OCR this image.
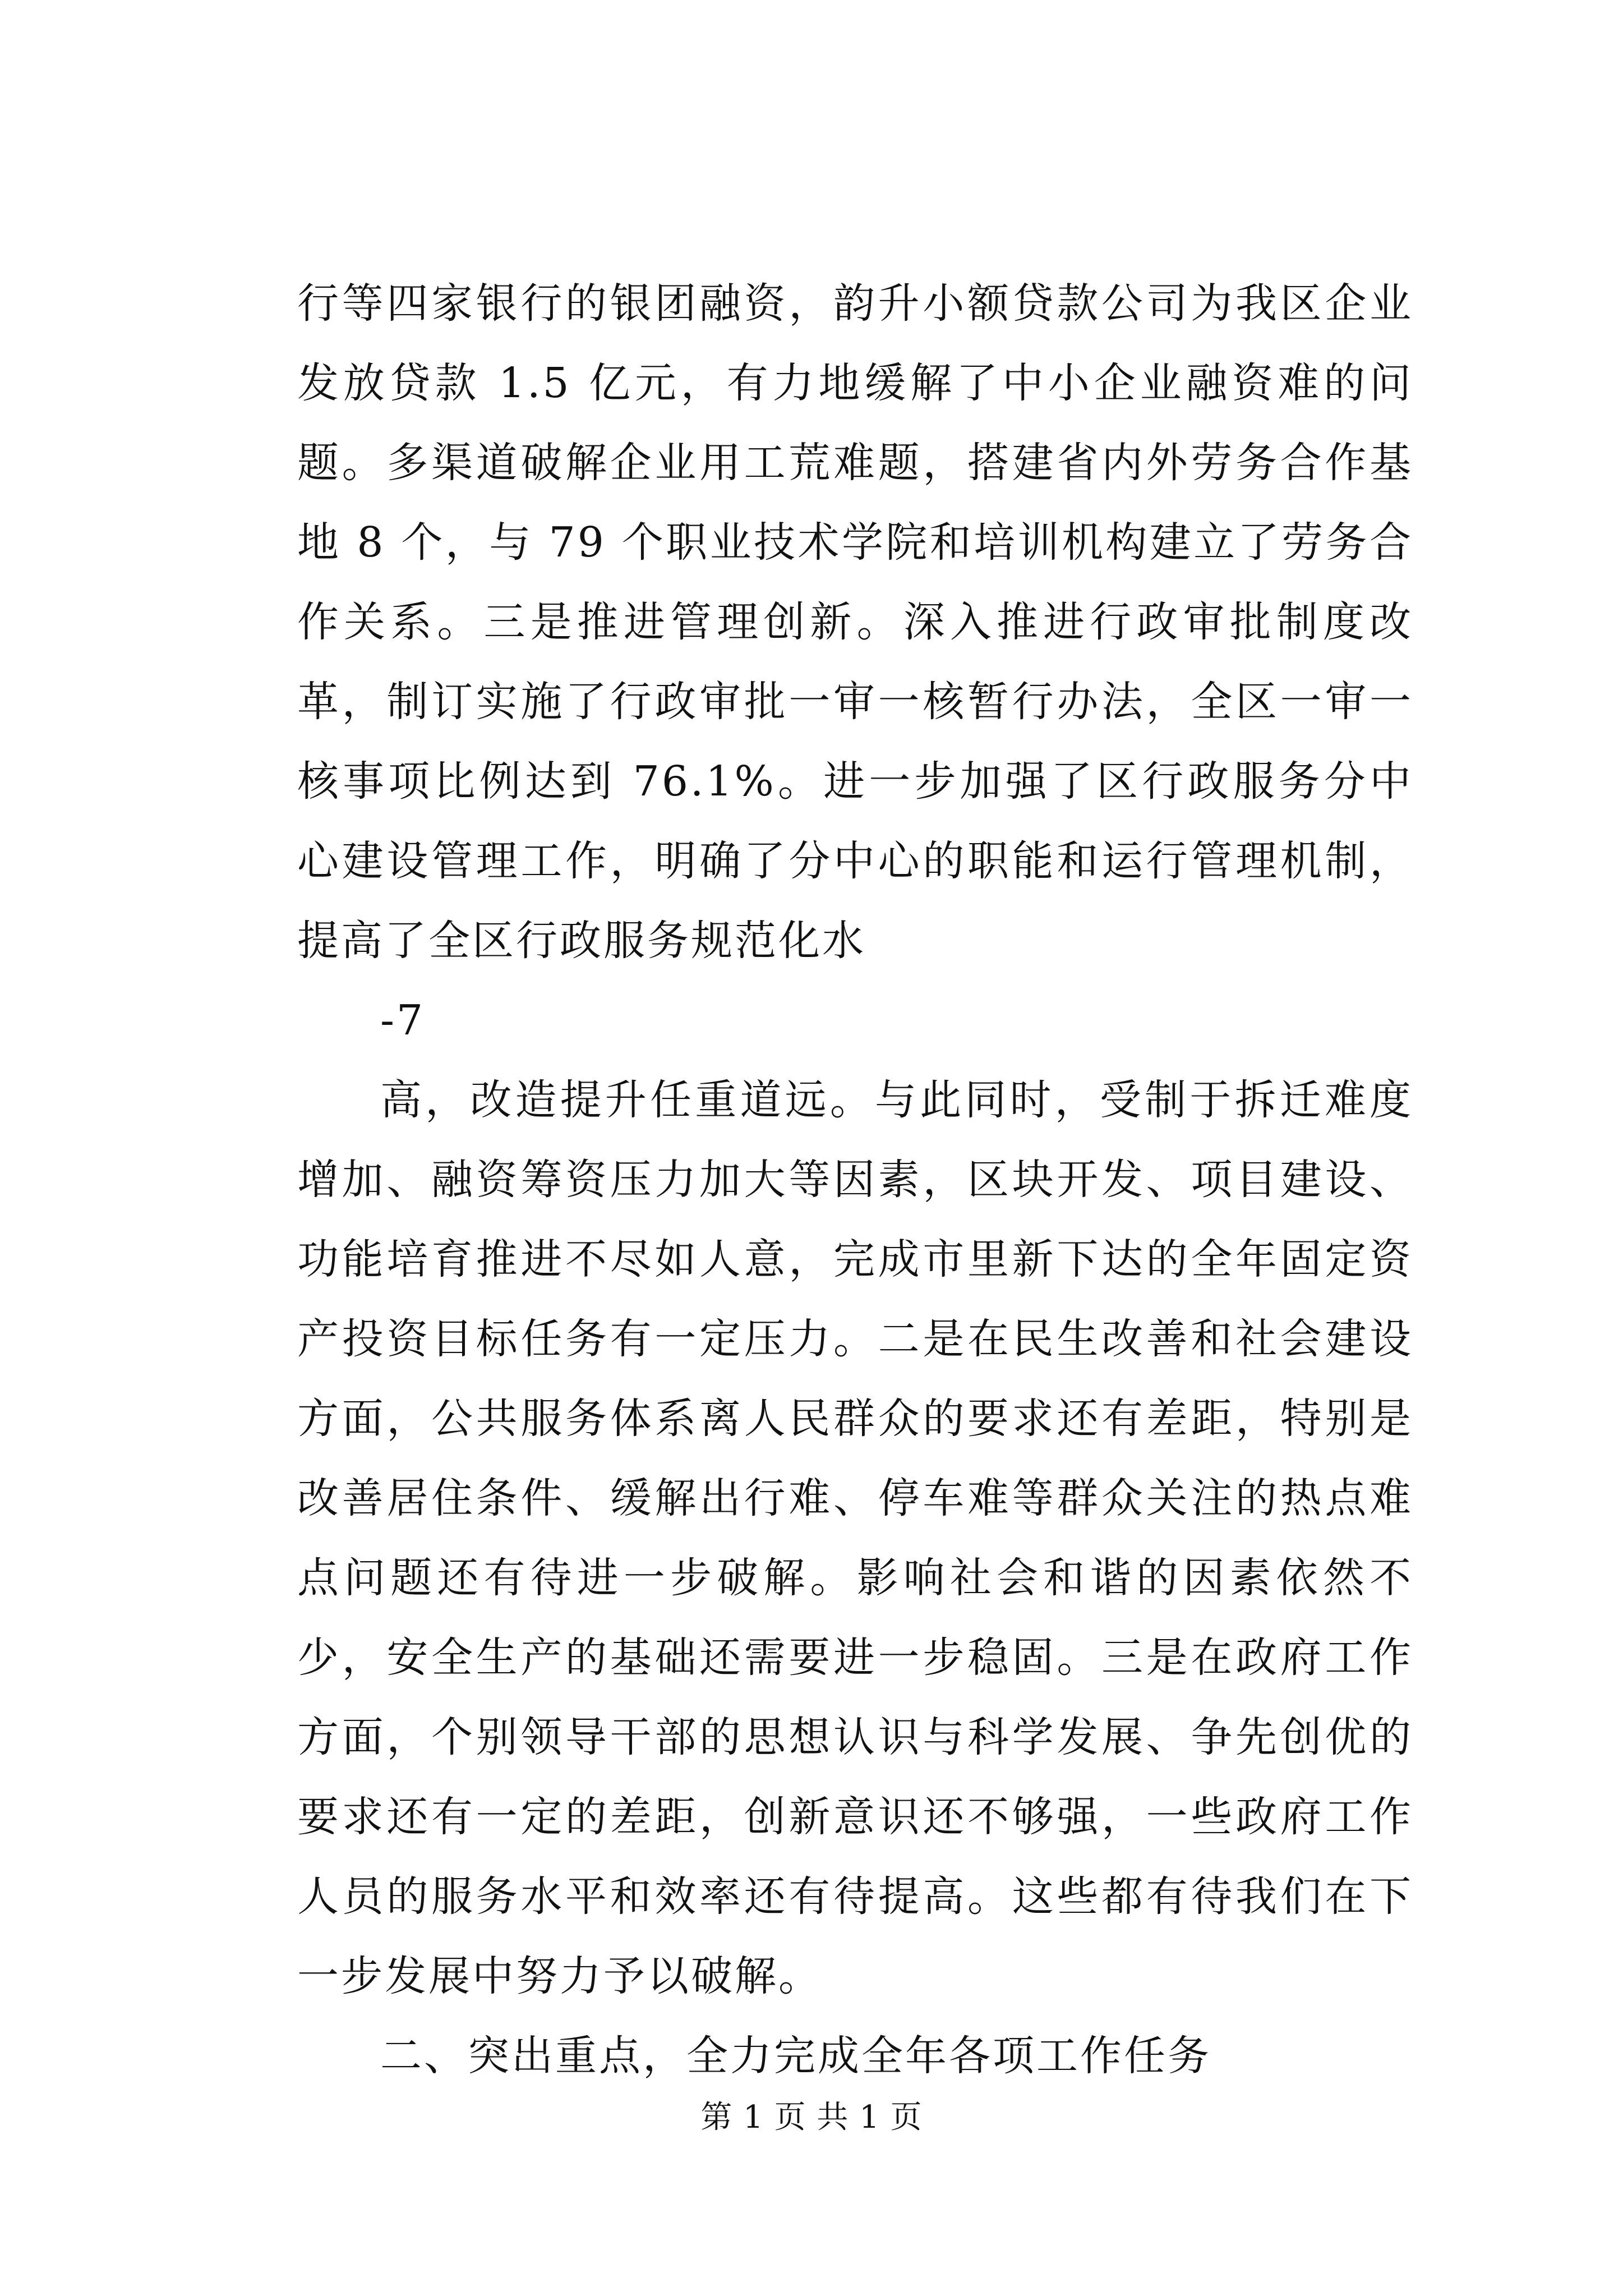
行等四家银行的银团融资，韵升小额贷款公司为我区企业发放贷款 1.5 亿元，有力地缓解了中小企业融资难的问题。多渠道破解企业用工荒难题，搭建省内外劳务合作基地 8 个，与 79 个职业技术学院和培训机构建立了劳务合作关系。三是推进管理创新。深入推进行政审批制度改革，制订实施了行政审批一审一核暂行办法，全区一审一核事项比例达到 76.1%。进一步加强了区行政服务分中心建设管理工作，明确了分中心的职能和运行管理机制，提高了全区行政服务规范化水

-7

高，改造提升任重道远。与此同时，受制于拆迁难度增加、融资筹资压力加大等因素，区块开发、项目建设、功能培育推进不尽如人意，完成市里新下达的全年固定资产投资目标任务有一定压力。二是在民生改善和社会建设方面，公共服务体系离人民群众的要求还有差距，特别是改善居住条件、缓解出行难、停车难等群众关注的热点难点问题还有待进一步破解。影响社会和谐的因素依然不少，安全生产的基础还需要进一步稳固。三是在政府工作方面，个别领导干部的思想认识与科学发展、争先创优的要求还有一定的差距，创新意识还不够强，一些政府工作人员的服务水平和效率还有待提高。这些都有待我们在下一步发展中努力予以破解。

二、突出重点，全力完成全年各项工作任务

第 1 页 共 1 页
